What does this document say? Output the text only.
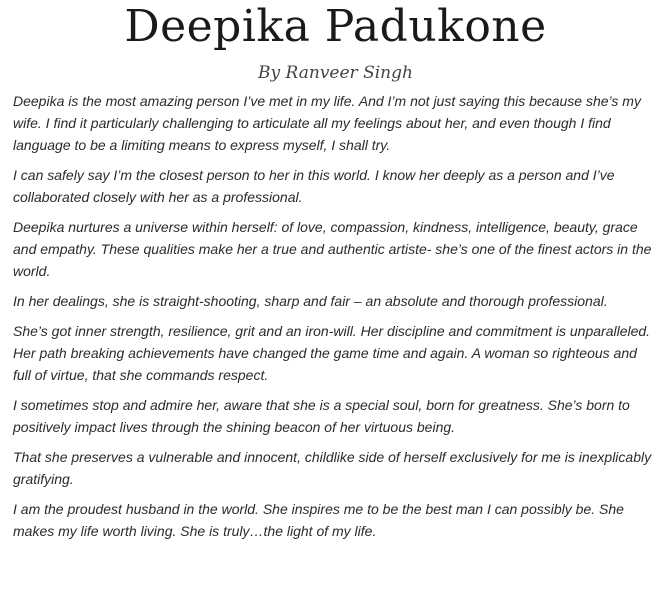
Deepika Padukone
By Ranveer Singh

Deepika is the most amazing person I’ve met in my life. And I’m not just saying this because she’s my wife. I find it particularly challenging to articulate all my feelings about her, and even though I find language to be a limiting means to express myself, I shall try.

I can safely say I’m the closest person to her in this world. I know her deeply as a person and I’ve collaborated closely with her as a professional.

Deepika nurtures a universe within herself: of love, compassion, kindness, intelligence, beauty, grace and empathy. These qualities make her a true and authentic artiste- she’s one of the finest actors in the world.

In her dealings, she is straight-shooting, sharp and fair – an absolute and thorough professional.

She’s got inner strength, resilience, grit and an iron-will. Her discipline and commitment is unparalleled. Her path breaking achievements have changed the game time and again. A woman so righteous and full of virtue, that she commands respect.

I sometimes stop and admire her, aware that she is a special soul, born for greatness. She’s born to positively impact lives through the shining beacon of her virtuous being.

That she preserves a vulnerable and innocent, childlike side of herself exclusively for me is inexplicably gratifying.

I am the proudest husband in the world. She inspires me to be the best man I can possibly be. She makes my life worth living. She is truly…the light of my life.
